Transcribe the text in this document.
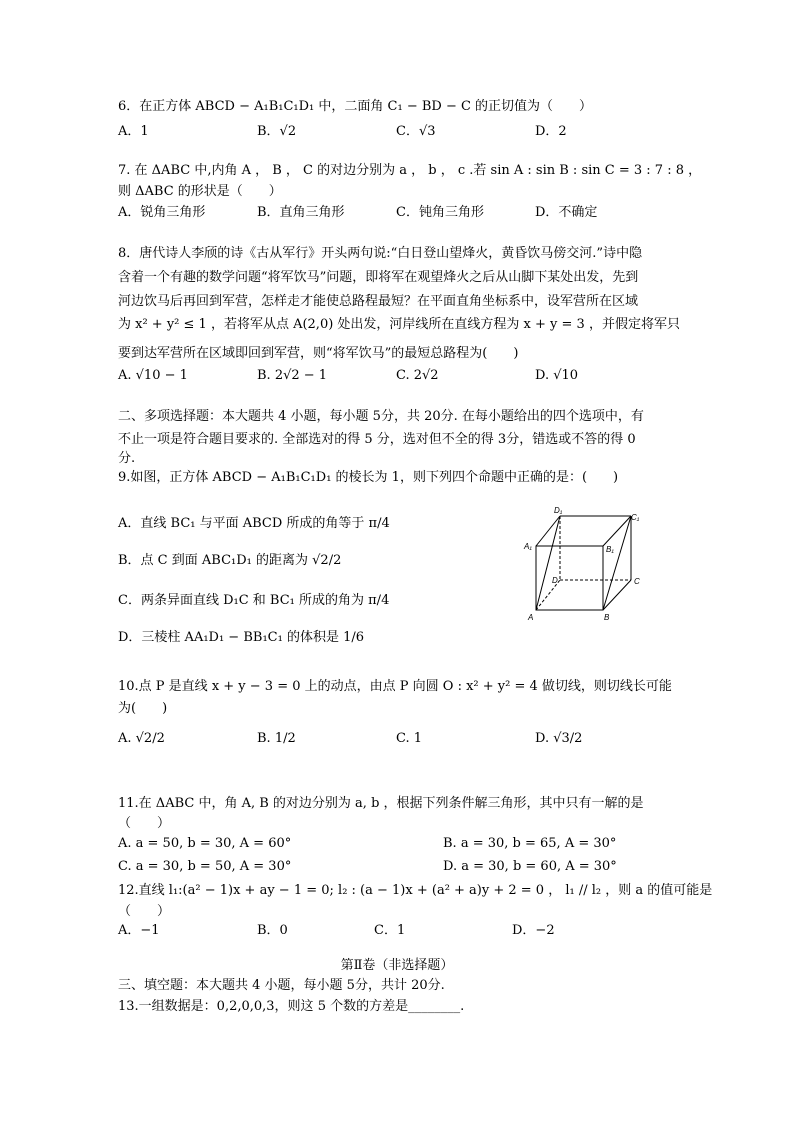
6．在正方体 ABCD − A₁B₁C₁D₁ 中，二面角 C₁ − BD − C 的正切值为（　　）
A．1	B．√2	C．√3	D．2
7. 在 ΔABC 中,内角 A ， B ， C 的对边分别为 a ， b ， c .若 sin A : sin B : sin C = 3 : 7 : 8 ，
则 ΔABC 的形状是（　　）
A．锐角三角形	B．直角三角形	C．钝角三角形	D．不确定
8．唐代诗人李颀的诗《古从军行》开头两句说:“白日登山望烽火，黄昏饮马傍交河.”诗中隐
含着一个有趣的数学问题“将军饮马”问题，即将军在观望烽火之后从山脚下某处出发，先到
河边饮马后再回到军营，怎样走才能使总路程最短？在平面直角坐标系中，设军营所在区域
为 x² + y² ≤ 1 ，若将军从点 A(2,0) 处出发，河岸线所在直线方程为 x + y = 3 ，并假定将军只
要到达军营所在区域即回到军营，则“将军饮马”的最短总路程为(　　)
A. √10 − 1	B. 2√2 − 1	C. 2√2	D. √10
二、多项选择题：本大题共 4 小题，每小题 5分，共 20分. 在每小题给出的四个选项中，有
不止一项是符合题目要求的. 全部选对的得 5 分，选对但不全的得 3分，错选或不答的得 0
分.
9.如图，正方体 ABCD − A₁B₁C₁D₁ 的棱长为 1，则下列四个命题中正确的是：(　　)
A．直线 BC₁ 与平面 ABCD 所成的角等于 π/4
B．点 C 到面 ABC₁D₁ 的距离为 √2/2
C．两条异面直线 D₁C 和 BC₁ 所成的角为 π/4
D．三棱柱 AA₁D₁ − BB₁C₁ 的体积是 1/6
D₁
C₁
A₁	B₁
D	C
A	B
10.点 P 是直线 x + y − 3 = 0 上的动点，由点 P 向圆 O : x² + y² = 4 做切线，则切线长可能
为(　　)
A. √2/2	B. 1/2	C. 1	D. √3/2
11.在 ΔABC 中，角 A, B 的对边分别为 a, b ，根据下列条件解三角形，其中只有一解的是
（　　）
A. a = 50, b = 30, A = 60°	B. a = 30, b = 65, A = 30°
C. a = 30, b = 50, A = 30°	D. a = 30, b = 60, A = 30°
12.直线 l₁:(a² − 1)x + ay − 1 = 0; l₂ : (a − 1)x + (a² + a)y + 2 = 0 ， l₁ // l₂ ，则 a 的值可能是
（　　）
A．−1	B．0	C．1	D．−2
第Ⅱ卷（非选择题）
三、填空题：本大题共 4 小题，每小题 5分，共计 20分.
13.一组数据是：0,2,0,0,3，则这 5 个数的方差是________.
